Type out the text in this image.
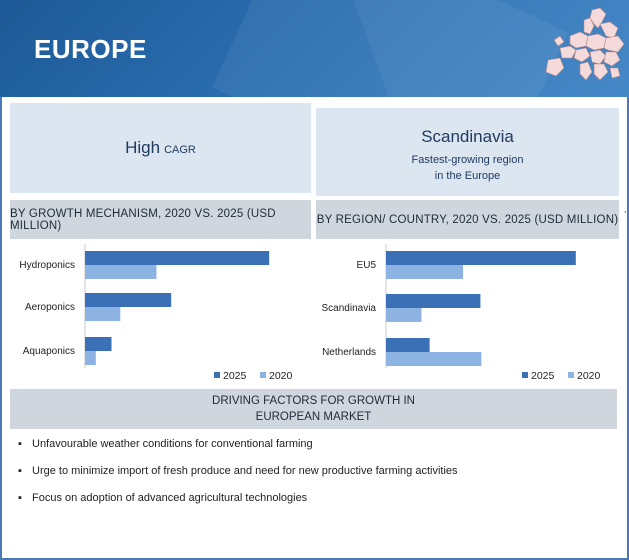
EUROPE
High CAGR
Scandinavia
Fastest-growing region
in the Europe
BY GROWTH MECHANISM, 2020 VS. 2025 (USD MILLION)	BY REGION/ COUNTRY, 2020 VS. 2025 (USD MILLION) ’
Hydroponics
Aeroponics
Aquaponics
2025 2020
EU5
Scandinavia
Netherlands
2025 2020
DRIVING FACTORS FOR GROWTH IN
EUROPEAN MARKET
▪ Unfavourable weather conditions for conventional farming
▪ Urge to minimize import of fresh produce and need for new productive farming activities
▪ Focus on adoption of advanced agricultural technologies
